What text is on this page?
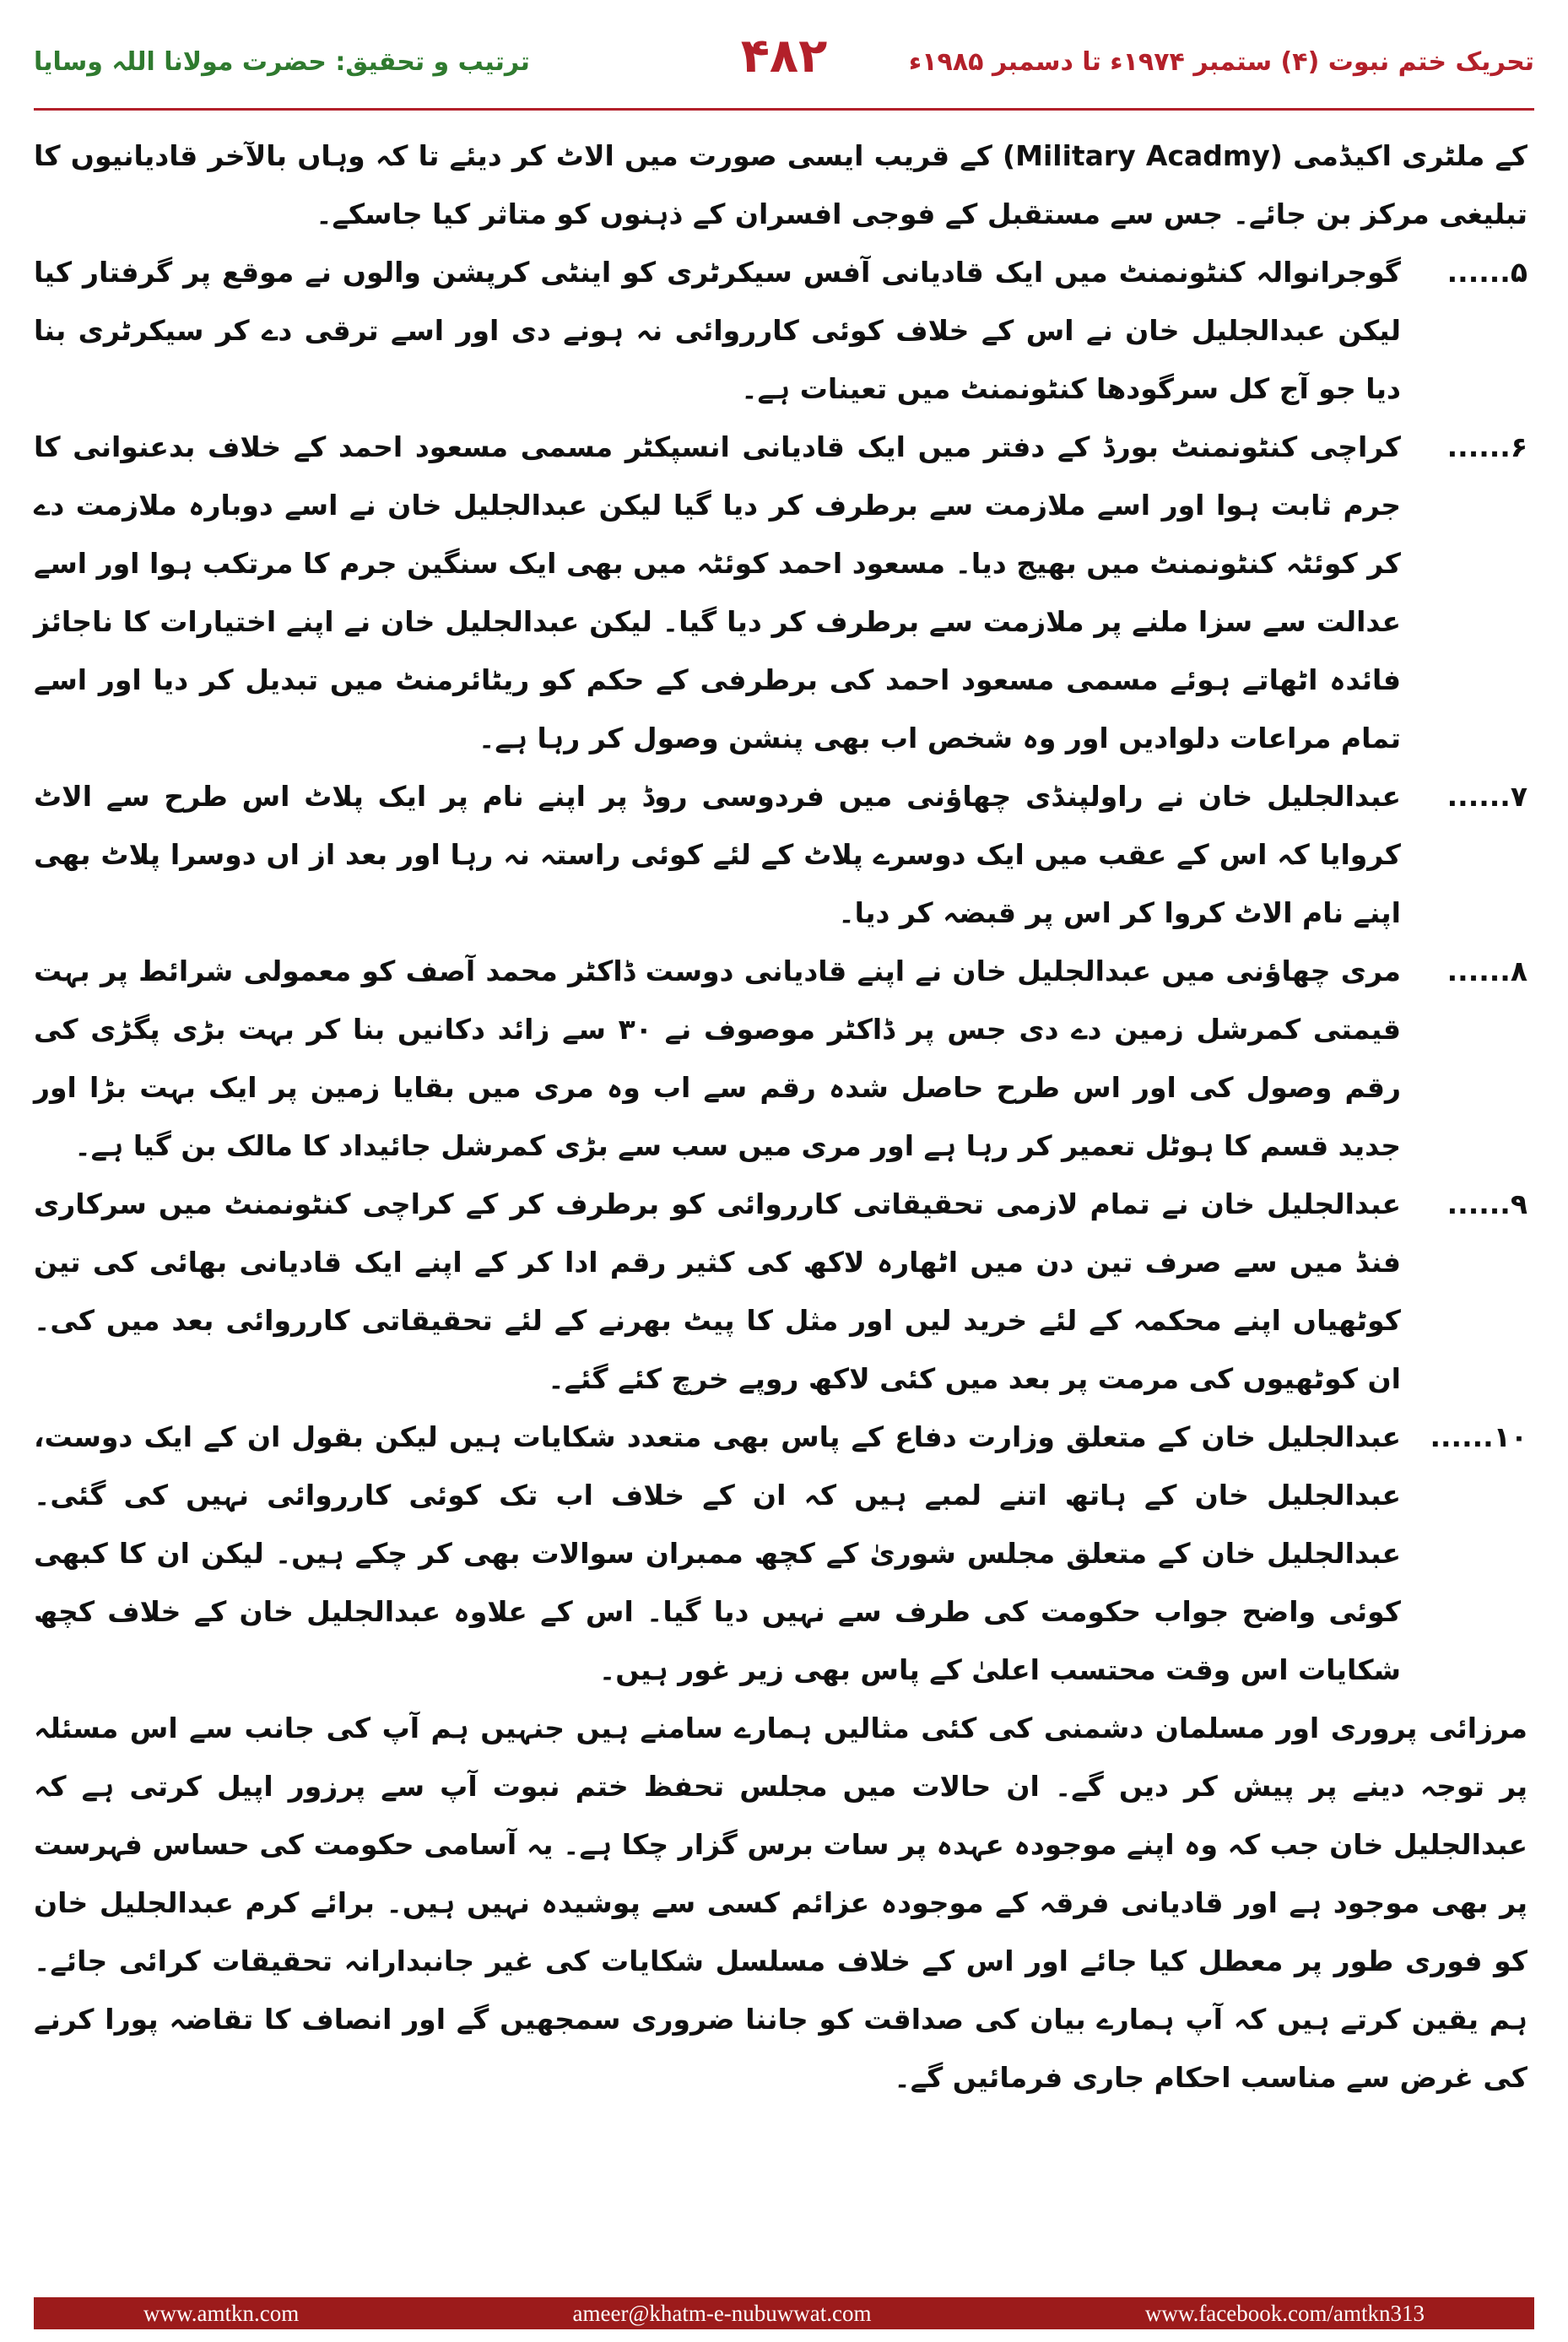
تحریک ختم نبوت (۴) ستمبر ۱۹۷۴ء تا دسمبر ۱۹۸۵ء
۴۸۲
ترتیب و تحقیق: حضرت مولانا اللہ وسایا

کے ملٹری اکیڈمی (Military Acadmy) کے قریب ایسی صورت میں الاٹ کر دیئے تا کہ وہاں بالآخر قادیانیوں کا تبلیغی مرکز بن جائے۔ جس سے مستقبل کے فوجی افسران کے ذہنوں کو متاثر کیا جاسکے۔

۵......
گوجرانوالہ کنٹونمنٹ میں ایک قادیانی آفس سیکرٹری کو اینٹی کرپشن والوں نے موقع پر گرفتار کیا لیکن عبدالجلیل خان نے اس کے خلاف کوئی کارروائی نہ ہونے دی اور اسے ترقی دے کر سیکرٹری بنا دیا جو آج کل سرگودھا کنٹونمنٹ میں تعینات ہے۔
۶......
کراچی کنٹونمنٹ بورڈ کے دفتر میں ایک قادیانی انسپکٹر مسمی مسعود احمد کے خلاف بدعنوانی کا جرم ثابت ہوا اور اسے ملازمت سے برطرف کر دیا گیا لیکن عبدالجلیل خان نے اسے دوبارہ ملازمت دے کر کوئٹہ کنٹونمنٹ میں بھیج دیا۔ مسعود احمد کوئٹہ میں بھی ایک سنگین جرم کا مرتکب ہوا اور اسے عدالت سے سزا ملنے پر ملازمت سے برطرف کر دیا گیا۔ لیکن عبدالجلیل خان نے اپنے اختیارات کا ناجائز فائدہ اٹھاتے ہوئے مسمی مسعود احمد کی برطرفی کے حکم کو ریٹائرمنٹ میں تبدیل کر دیا اور اسے تمام مراعات دلوادیں اور وہ شخص اب بھی پنشن وصول کر رہا ہے۔
۷......
عبدالجلیل خان نے راولپنڈی چھاؤنی میں فردوسی روڈ پر اپنے نام پر ایک پلاٹ اس طرح سے الاٹ کروایا کہ اس کے عقب میں ایک دوسرے پلاٹ کے لئے کوئی راستہ نہ رہا اور بعد از اں دوسرا پلاٹ بھی اپنے نام الاٹ کروا کر اس پر قبضہ کر دیا۔
۸......
مری چھاؤنی میں عبدالجلیل خان نے اپنے قادیانی دوست ڈاکٹر محمد آصف کو معمولی شرائط پر بہت قیمتی کمرشل زمین دے دی جس پر ڈاکٹر موصوف نے ۳۰ سے زائد دکانیں بنا کر بہت بڑی پگڑی کی رقم وصول کی اور اس طرح حاصل شدہ رقم سے اب وہ مری میں بقایا زمین پر ایک بہت بڑا اور جدید قسم کا ہوٹل تعمیر کر رہا ہے اور مری میں سب سے بڑی کمرشل جائیداد کا مالک بن گیا ہے۔
۹......
عبدالجلیل خان نے تمام لازمی تحقیقاتی کارروائی کو برطرف کر کے کراچی کنٹونمنٹ میں سرکاری فنڈ میں سے صرف تین دن میں اٹھارہ لاکھ کی کثیر رقم ادا کر کے اپنے ایک قادیانی بھائی کی تین کوٹھیاں اپنے محکمہ کے لئے خرید لیں اور مثل کا پیٹ بھرنے کے لئے تحقیقاتی کارروائی بعد میں کی۔ ان کوٹھیوں کی مرمت پر بعد میں کئی لاکھ روپے خرچ کئے گئے۔
۱۰......
عبدالجلیل خان کے متعلق وزارت دفاع کے پاس بھی متعدد شکایات ہیں لیکن بقول ان کے ایک دوست، عبدالجلیل خان کے ہاتھ اتنے لمبے ہیں کہ ان کے خلاف اب تک کوئی کارروائی نہیں کی گئی۔ عبدالجلیل خان کے متعلق مجلس شوریٰ کے کچھ ممبران سوالات بھی کر چکے ہیں۔ لیکن ان کا کبھی کوئی واضح جواب حکومت کی طرف سے نہیں دیا گیا۔ اس کے علاوہ عبدالجلیل خان کے خلاف کچھ شکایات اس وقت محتسب اعلیٰ کے پاس بھی زیر غور ہیں۔

مرزائی پروری اور مسلمان دشمنی کی کئی مثالیں ہمارے سامنے ہیں جنہیں ہم آپ کی جانب سے اس مسئلہ پر توجہ دینے پر پیش کر دیں گے۔ ان حالات میں مجلس تحفظ ختم نبوت آپ سے پرزور اپیل کرتی ہے کہ عبدالجلیل خان جب کہ وہ اپنے موجودہ عہدہ پر سات برس گزار چکا ہے۔ یہ آسامی حکومت کی حساس فہرست پر بھی موجود ہے اور قادیانی فرقہ کے موجودہ عزائم کسی سے پوشیدہ نہیں ہیں۔ برائے کرم عبدالجلیل خان کو فوری طور پر معطل کیا جائے اور اس کے خلاف مسلسل شکایات کی غیر جانبدارانہ تحقیقات کرائی جائے۔ ہم یقین کرتے ہیں کہ آپ ہمارے بیان کی صداقت کو جاننا ضروری سمجھیں گے اور انصاف کا تقاضہ پورا کرنے کی غرض سے مناسب احکام جاری فرمائیں گے۔

www.amtkn.com	ameer@khatm-e-nubuwwat.com	www.facebook.com/amtkn313
